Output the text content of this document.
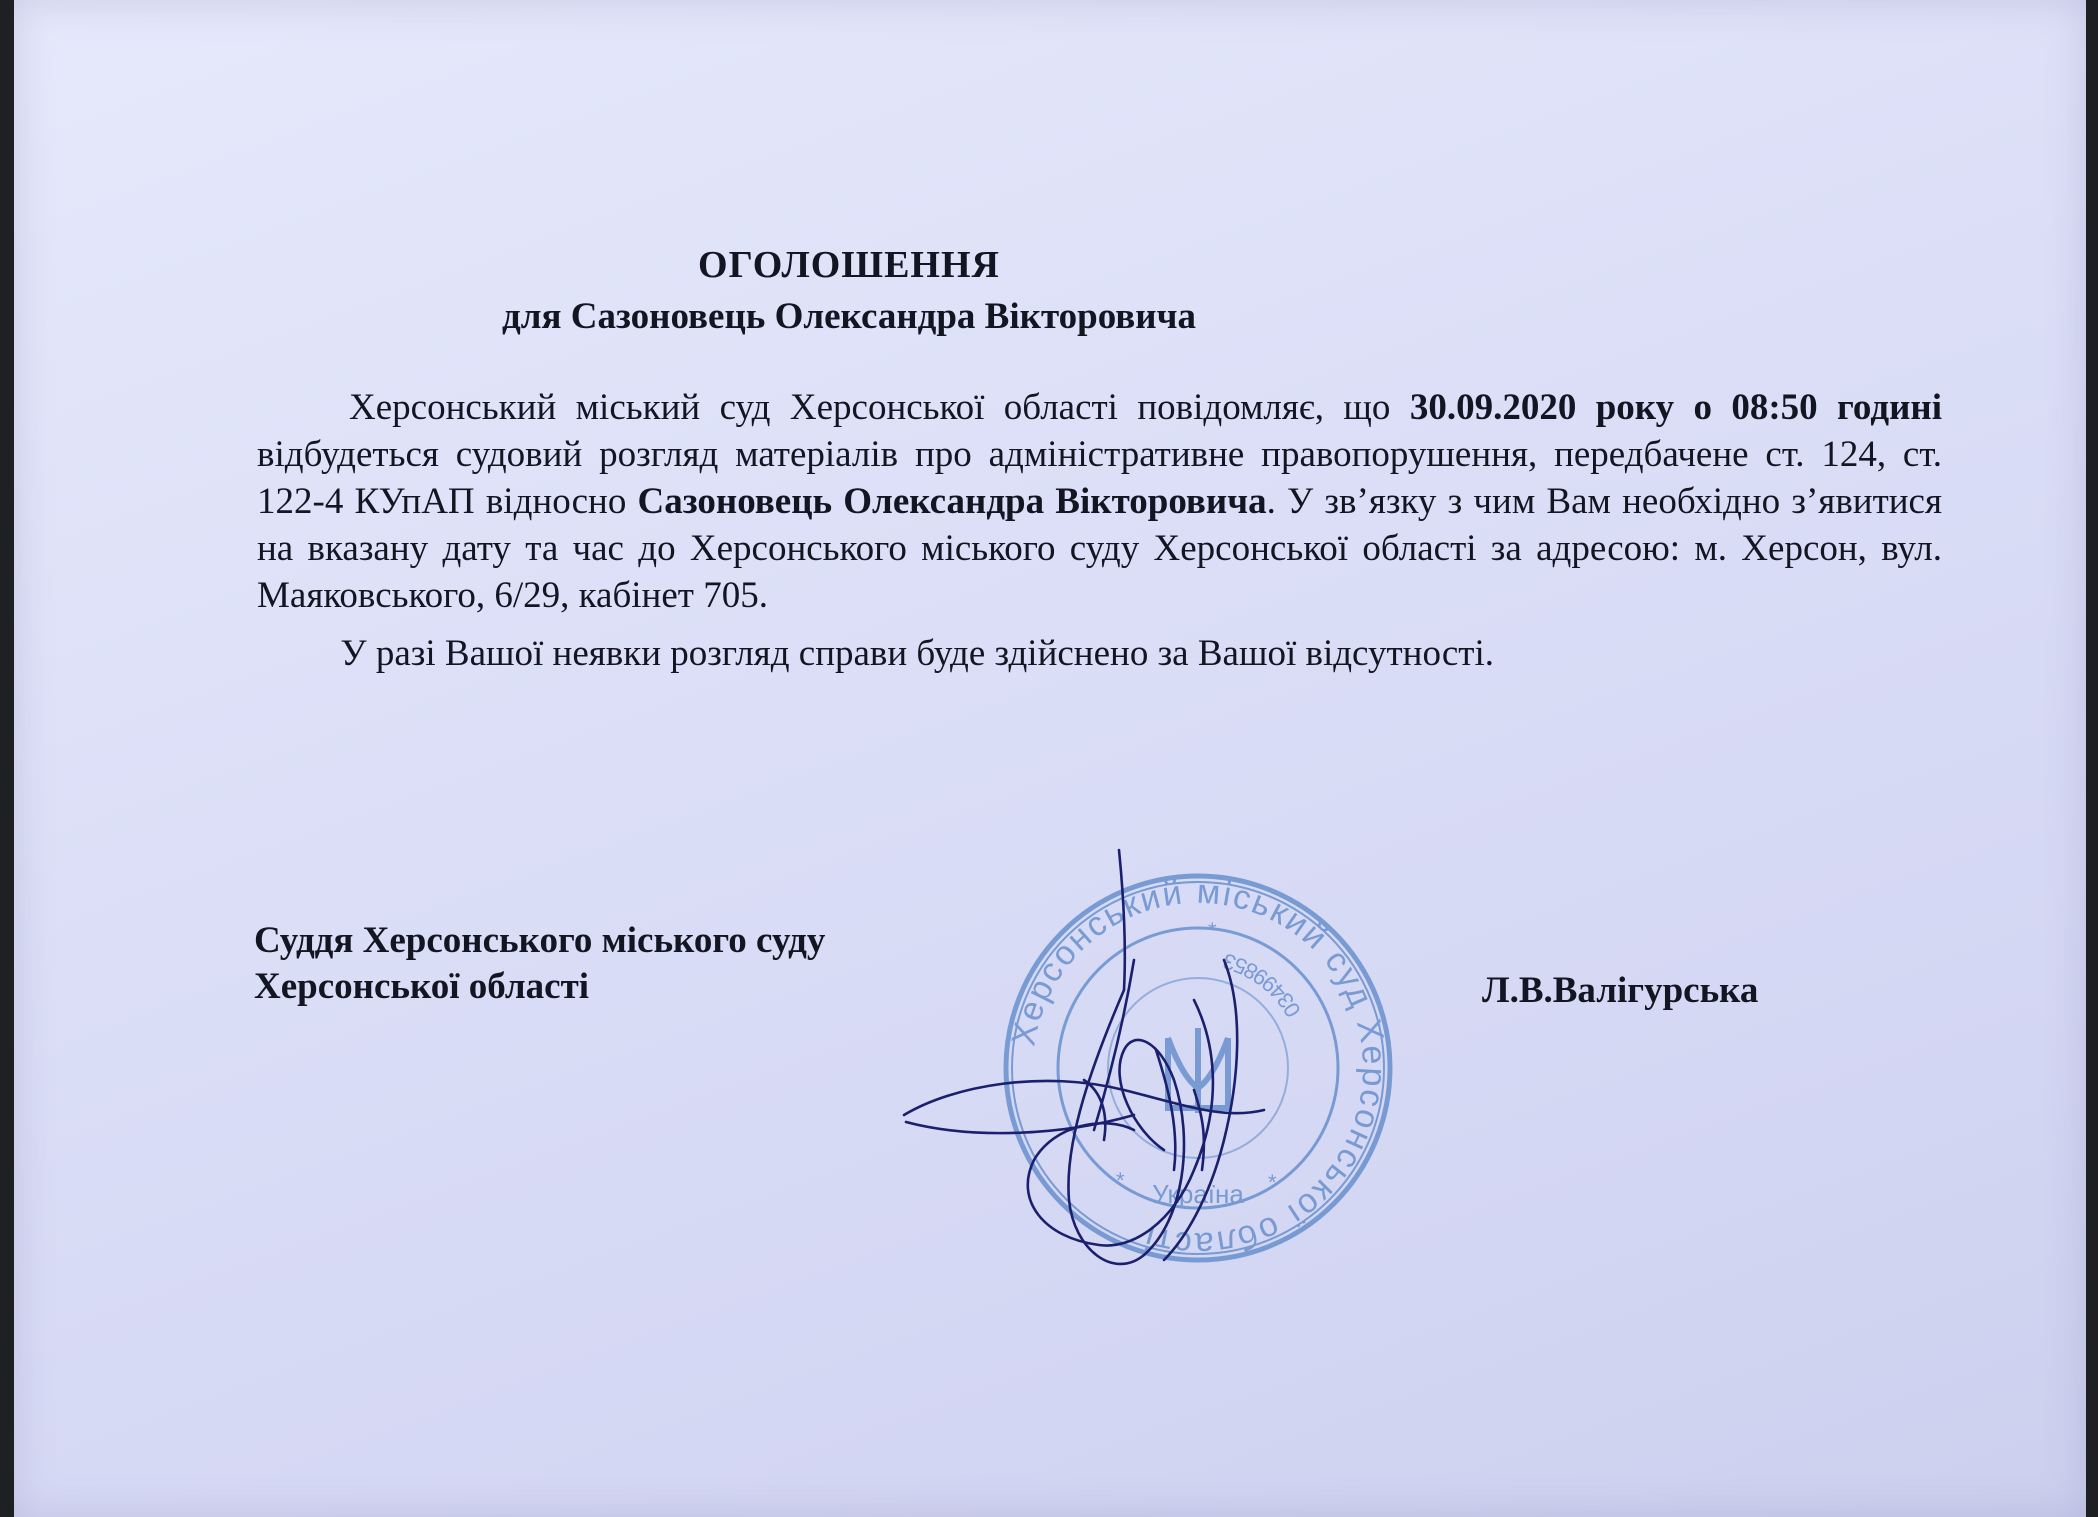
ОГОЛОШЕННЯ
для Сазоновець Олександра Вікторовича
Херсонський міський суд Херсонської області повідомляє, що 30.09.2020 року о 08:50 годині відбудеться судовий розгляд матеріалів про адміністративне правопорушення, передбачене ст. 124, ст. 122-4 КУпАП відносно Сазоновець Олександра Вікторовича. У зв’язку з чим Вам необхідно з’явитися на вказану дату та час до Херсонського міського суду Херсонської області за адресою: м. Херсон, вул. Маяковського, 6/29, кабінет 705.
У разі Вашої неявки розгляд справи буде здійснено за Вашої відсутності.
Суддя Херсонського міського суду
Херсонської області	Л.В.Валігурська
Херсонський міський суд Херсонської області
03499853
Україна
*	*
*
